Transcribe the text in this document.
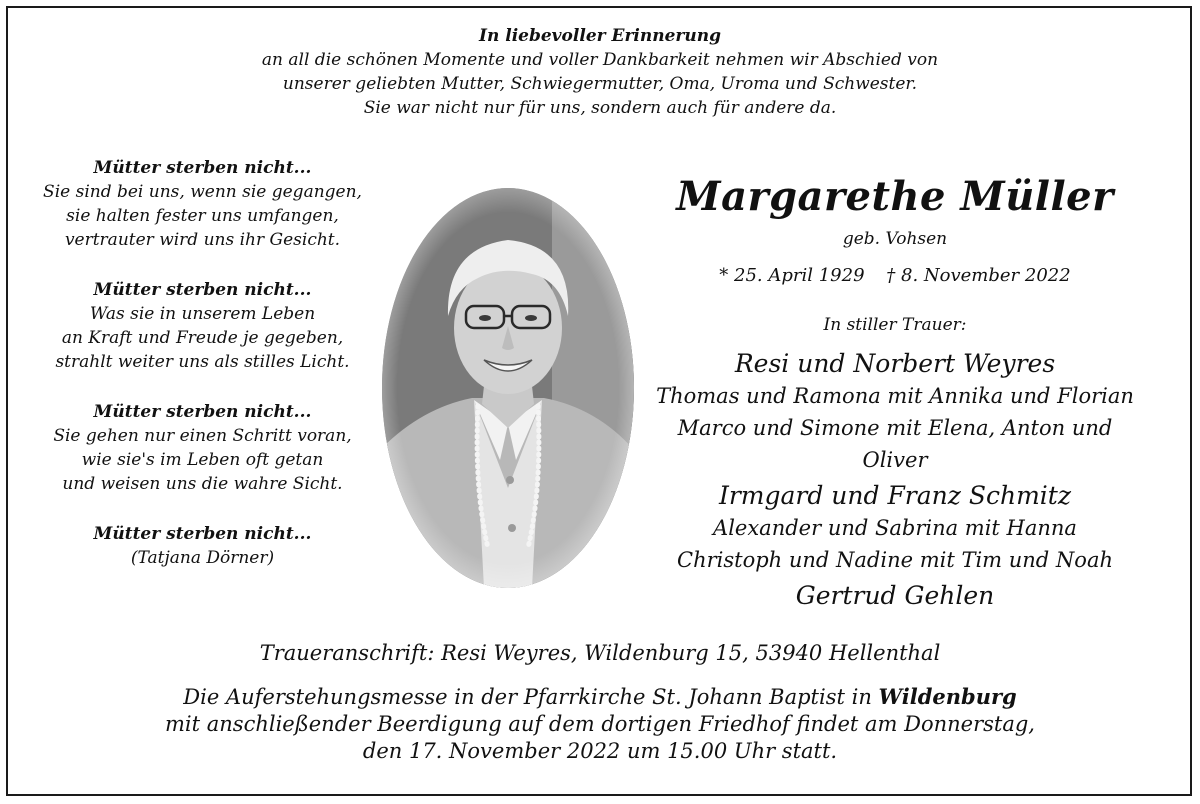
In liebevoller Erinnerung
an all die schönen Momente und voller Dankbarkeit nehmen wir Abschied von
unserer geliebten Mutter, Schwiegermutter, Oma, Uroma und Schwester.
Sie war nicht nur für uns, sondern auch für andere da.
Mütter sterben nicht...
Sie sind bei uns, wenn sie gegangen,
sie halten fester uns umfangen,
vertrauter wird uns ihr Gesicht.
Mütter sterben nicht...
Was sie in unserem Leben
an Kraft und Freude je gegeben,
strahlt weiter uns als stilles Licht.
Mütter sterben nicht...
Sie gehen nur einen Schritt voran,
wie sie's im Leben oft getan
und weisen uns die wahre Sicht.
Mütter sterben nicht...
(Tatjana Dörner)
Margarethe Müller
geb. Vohsen
* 25. April 1929 † 8. November 2022
In stiller Trauer:
Resi und Norbert Weyres
Thomas und Ramona mit Annika und Florian
Marco und Simone mit Elena, Anton und Oliver
Irmgard und Franz Schmitz
Alexander und Sabrina mit Hanna
Christoph und Nadine mit Tim und Noah
Gertrud Gehlen
Traueranschrift: Resi Weyres, Wildenburg 15, 53940 Hellenthal
Die Auferstehungsmesse in der Pfarrkirche St. Johann Baptist in Wildenburg
mit anschließender Beerdigung auf dem dortigen Friedhof findet am Donnerstag,
den 17. November 2022 um 15.00 Uhr statt.
